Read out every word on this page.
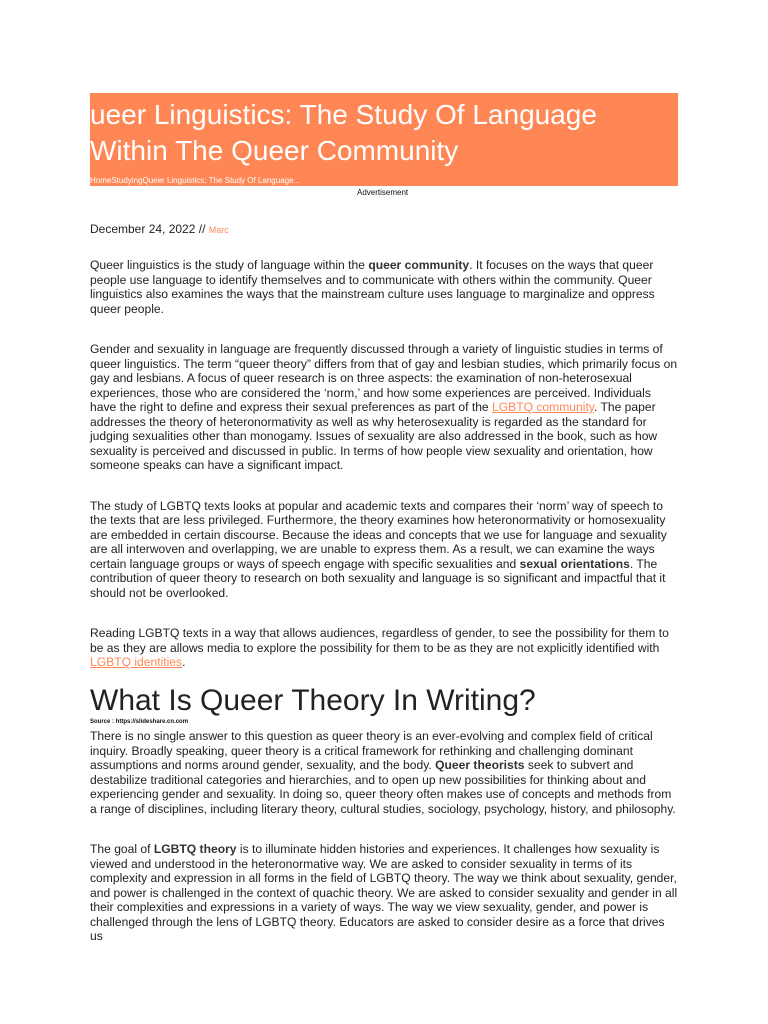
ueer Linguistics: The Study Of Language Within The Queer Community
HomeStudyingQueer Linguistics: The Study Of Language...
Advertisement
December 24, 2022 // Marc

Queer linguistics is the study of language within the queer community. It focuses on the ways that queer people use language to identify themselves and to communicate with others within the community. Queer linguistics also examines the ways that the mainstream culture uses language to marginalize and oppress queer people.

Gender and sexuality in language are frequently discussed through a variety of linguistic studies in terms of queer linguistics. The term “queer theory” differs from that of gay and lesbian studies, which primarily focus on gay and lesbians. A focus of queer research is on three aspects: the examination of non-heterosexual experiences, those who are considered the ‘norm,’ and how some experiences are perceived. Individuals have the right to define and express their sexual preferences as part of the LGBTQ community. The paper addresses the theory of heteronormativity as well as why heterosexuality is regarded as the standard for judging sexualities other than monogamy. Issues of sexuality are also addressed in the book, such as how sexuality is perceived and discussed in public. In terms of how people view sexuality and orientation, how someone speaks can have a significant impact.

The study of LGBTQ texts looks at popular and academic texts and compares their ‘norm’ way of speech to the texts that are less privileged. Furthermore, the theory examines how heteronormativity or homosexuality are embedded in certain discourse. Because the ideas and concepts that we use for language and sexuality are all interwoven and overlapping, we are unable to express them. As a result, we can examine the ways certain language groups or ways of speech engage with specific sexualities and sexual orientations. The contribution of queer theory to research on both sexuality and language is so significant and impactful that it should not be overlooked.

Reading LGBTQ texts in a way that allows audiences, regardless of gender, to see the possibility for them to be as they are allows media to explore the possibility for them to be as they are not explicitly identified with LGBTQ identities.

What Is Queer Theory In Writing?
Source : https://slideshare.cn.com

There is no single answer to this question as queer theory is an ever-evolving and complex field of critical inquiry. Broadly speaking, queer theory is a critical framework for rethinking and challenging dominant assumptions and norms around gender, sexuality, and the body. Queer theorists seek to subvert and destabilize traditional categories and hierarchies, and to open up new possibilities for thinking about and experiencing gender and sexuality. In doing so, queer theory often makes use of concepts and methods from a range of disciplines, including literary theory, cultural studies, sociology, psychology, history, and philosophy.

The goal of LGBTQ theory is to illuminate hidden histories and experiences. It challenges how sexuality is viewed and understood in the heteronormative way. We are asked to consider sexuality in terms of its complexity and expression in all forms in the field of LGBTQ theory. The way we think about sexuality, gender, and power is challenged in the context of quachic theory. We are asked to consider sexuality and gender in all their complexities and expressions in a variety of ways. The way we view sexuality, gender, and power is challenged through the lens of LGBTQ theory. Educators are asked to consider desire as a force that drives us
